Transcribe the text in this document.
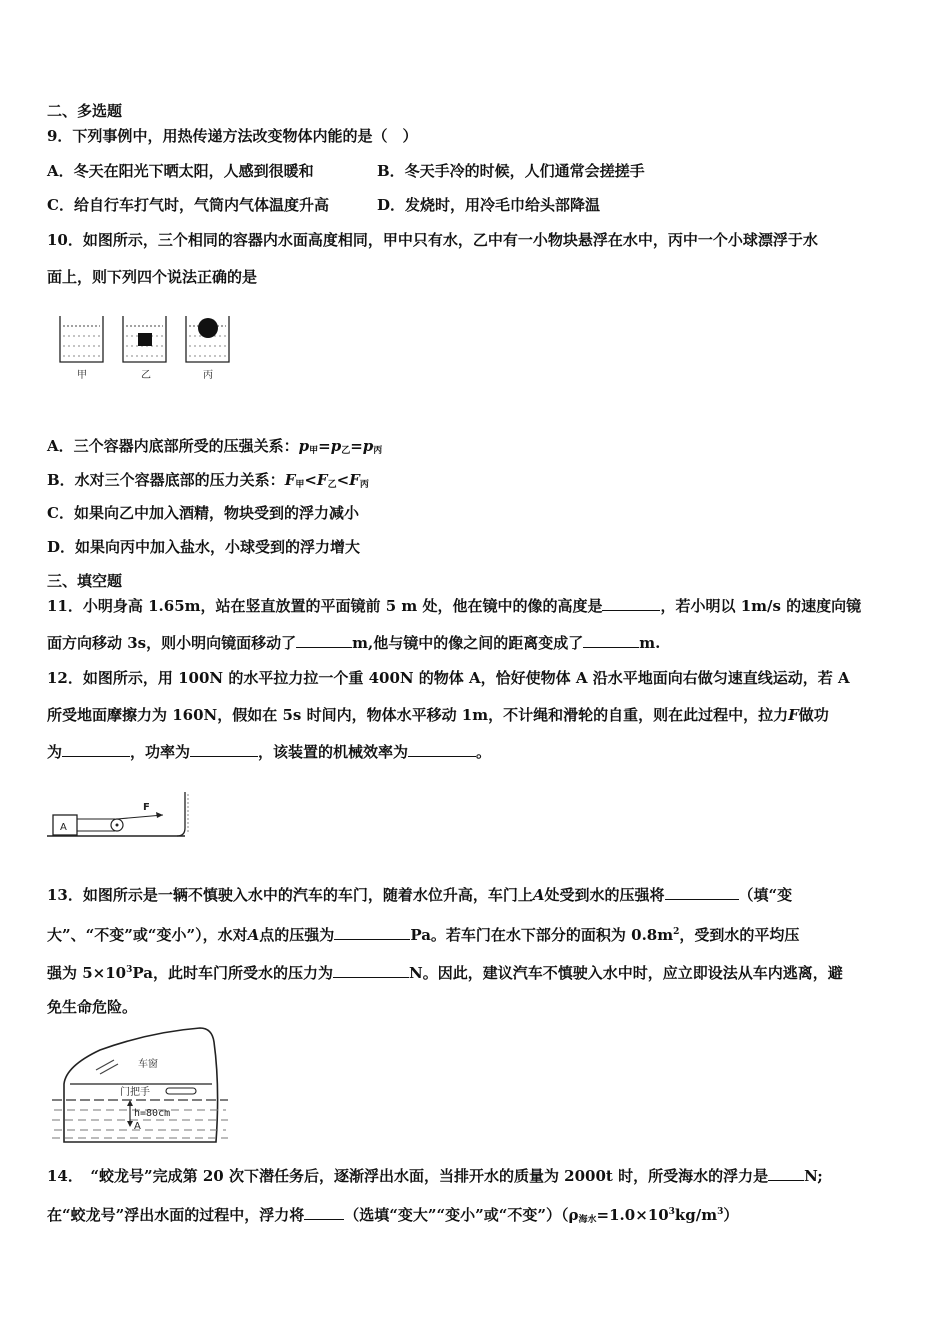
二、多选题
9．下列事例中，用热传递方法改变物体内能的是（　）
A．冬天在阳光下晒太阳，人感到很暖和	B．冬天手冷的时候，人们通常会搓搓手
C．给自行车打气时，气筒内气体温度升高	D．发烧时，用冷毛巾给头部降温
10．如图所示，三个相同的容器内水面高度相同，甲中只有水，乙中有一小物块悬浮在水中，丙中一个小球漂浮于水
面上，则下列四个说法正确的是
甲	乙	丙
A．三个容器内底部所受的压强关系：$p_甲=p_乙=p_丙$
B．水对三个容器底部的压力关系：$F_甲<F_乙<F_丙$
C．如果向乙中加入酒精，物块受到的浮力减小
D．如果向丙中加入盐水，小球受到的浮力增大
三、填空题
11．小明身高 1.65m，站在竖直放置的平面镜前 5 m 处，他在镜中的像的高度是	，若小明以 1m/s 的速度向镜
面方向移动 3s，则小明向镜面移动了	m,他与镜中的像之间的距离变成了	m.
12．如图所示，用 100N 的水平拉力拉一个重 400N 的物体 A，恰好使物体 A 沿水平地面向右做匀速直线运动，若 A
所受地面摩擦力为 160N，假如在 5s 时间内，物体水平移动 1m，不计绳和滑轮的自重，则在此过程中，拉力F做功
为	，功率为	，该装置的机械效率为	。
A
F
13．如图所示是一辆不慎驶入水中的汽车的车门，随着水位升高，车门上A处受到水的压强将	（填“变
大”、“不变”或“变小”），水对A点的压强为	Pa。若车门在水下部分的面积为 $0.8m^2$，受到水的平均压
强为 $5\times 10^3Pa$，此时车门所受水的压力为	N。因此，建议汽车不慎驶入水中时，应立即设法从车内逃离，避
免生命危险。
车窗
门把手
h=80cm
A
14．　“蛟龙号”完成第 20 次下潜任务后，逐渐浮出水面，当排开水的质量为 2000t 时，所受海水的浮力是 N;
在“蛟龙号”浮出水面的过程中，浮力将	（选填“变大”“变小”或“不变$”)(\rho_{海水}=1.0\times 10^3kg/m^3)$
